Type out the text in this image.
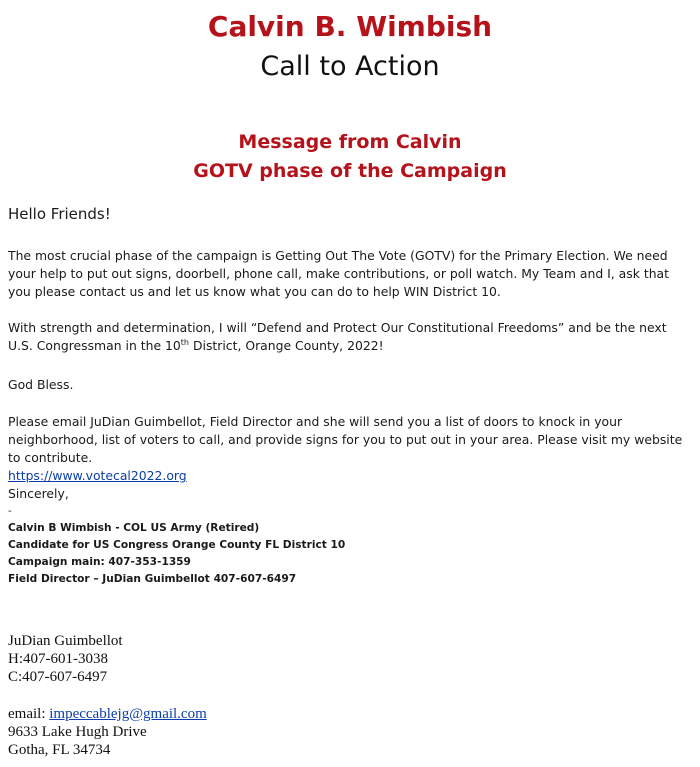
Calvin B. Wimbish
Call to Action
Message from Calvin
GOTV phase of the Campaign
Hello Friends!
The most crucial phase of the campaign is Getting Out The Vote (GOTV) for the Primary Election. We need your help to put out signs, doorbell, phone call, make contributions, or poll watch. My Team and I, ask that you please contact us and let us know what you can do to help WIN District 10.
With strength and determination, I will “Defend and Protect Our Constitutional Freedoms” and be the next U.S. Congressman in the 10th District, Orange County, 2022!
God Bless.
Please email JuDian Guimbellot, Field Director and she will send you a list of doors to knock in your neighborhood, list of voters to call, and provide signs for you to put out in your area. Please visit my website to contribute.
https://www.votecal2022.org
Sincerely,
-
Calvin B Wimbish - COL US Army (Retired)
Candidate for US Congress Orange County FL District 10
Campaign main: 407-353-1359
Field Director – JuDian Guimbellot 407-607-6497
JuDian Guimbellot
H:407-601-3038
C:407-607-6497
email: impeccablejg@gmail.com
9633 Lake Hugh Drive
Gotha, FL 34734
